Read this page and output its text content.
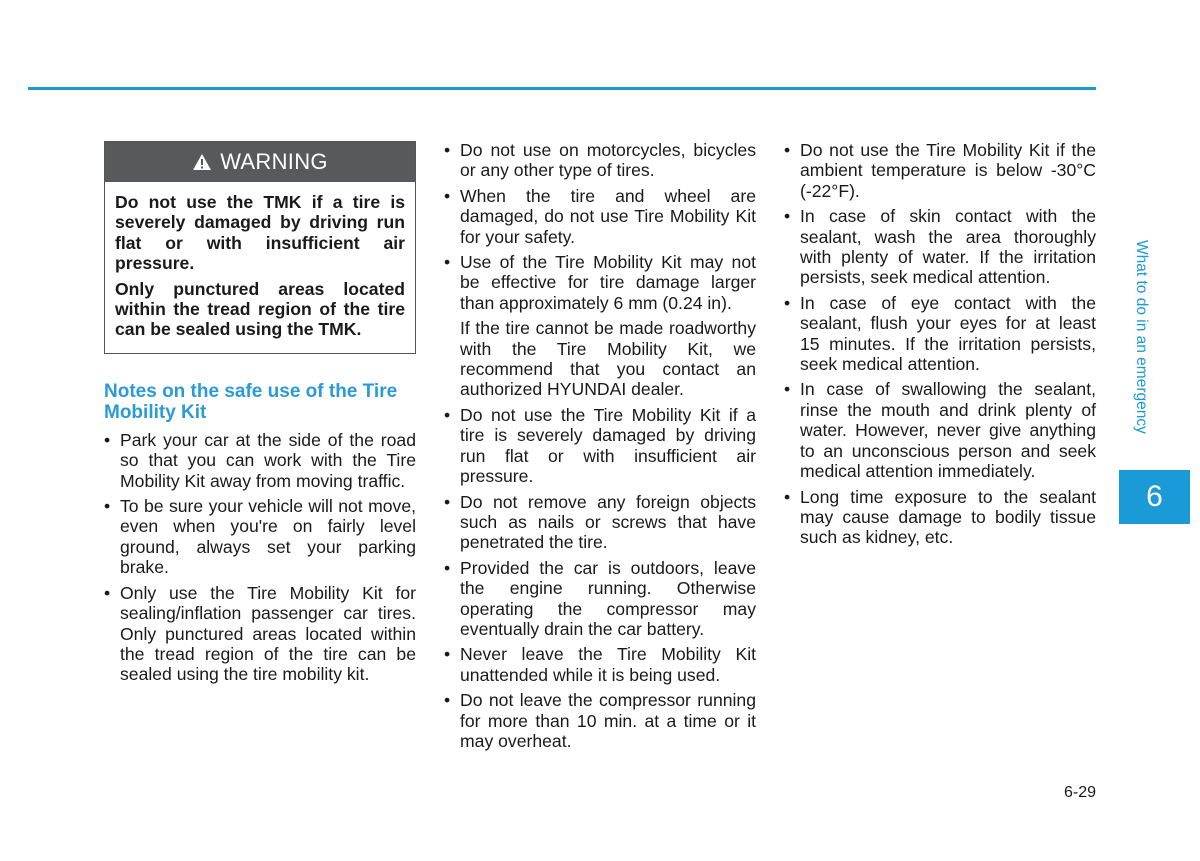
WARNING

Do not use the TMK if a tire is severely damaged by driving run flat or with insufficient air pressure.

Only punctured areas located within the tread region of the tire can be sealed using the TMK.

Notes on the safe use of the Tire Mobility Kit
• Park your car at the side of the road so that you can work with the Tire Mobility Kit away from moving traffic.
• To be sure your vehicle will not move, even when you're on fairly level ground, always set your parking brake.
• Only use the Tire Mobility Kit for sealing/inflation passenger car tires. Only punctured areas located within the tread region of the tire can be sealed using the tire mobility kit.
• Do not use on motorcycles, bicycles or any other type of tires.
• When the tire and wheel are damaged, do not use Tire Mobility Kit for your safety.
• Use of the Tire Mobility Kit may not be effective for tire damage larger than approximately 6 mm (0.24 in).

If the tire cannot be made roadworthy with the Tire Mobility Kit, we recommend that you contact an authorized HYUNDAI dealer.

• Do not use the Tire Mobility Kit if a tire is severely damaged by driving run flat or with insufficient air pressure.
• Do not remove any foreign objects such as nails or screws that have penetrated the tire.
• Provided the car is outdoors, leave the engine running. Otherwise operating the compressor may eventually drain the car battery.
• Never leave the Tire Mobility Kit unattended while it is being used.
• Do not leave the compressor running for more than 10 min. at a time or it may overheat.
• Do not use the Tire Mobility Kit if the ambient temperature is below -30°C (-22°F).
• In case of skin contact with the sealant, wash the area thoroughly with plenty of water. If the irritation persists, seek medical attention.
• In case of eye contact with the sealant, flush your eyes for at least 15 minutes. If the irritation persists, seek medical attention.
• In case of swallowing the sealant, rinse the mouth and drink plenty of water. However, never give anything to an unconscious person and seek medical attention immediately.
• Long time exposure to the sealant may cause damage to bodily tissue such as kidney, etc.
What to do in an emergency
6
6-29
